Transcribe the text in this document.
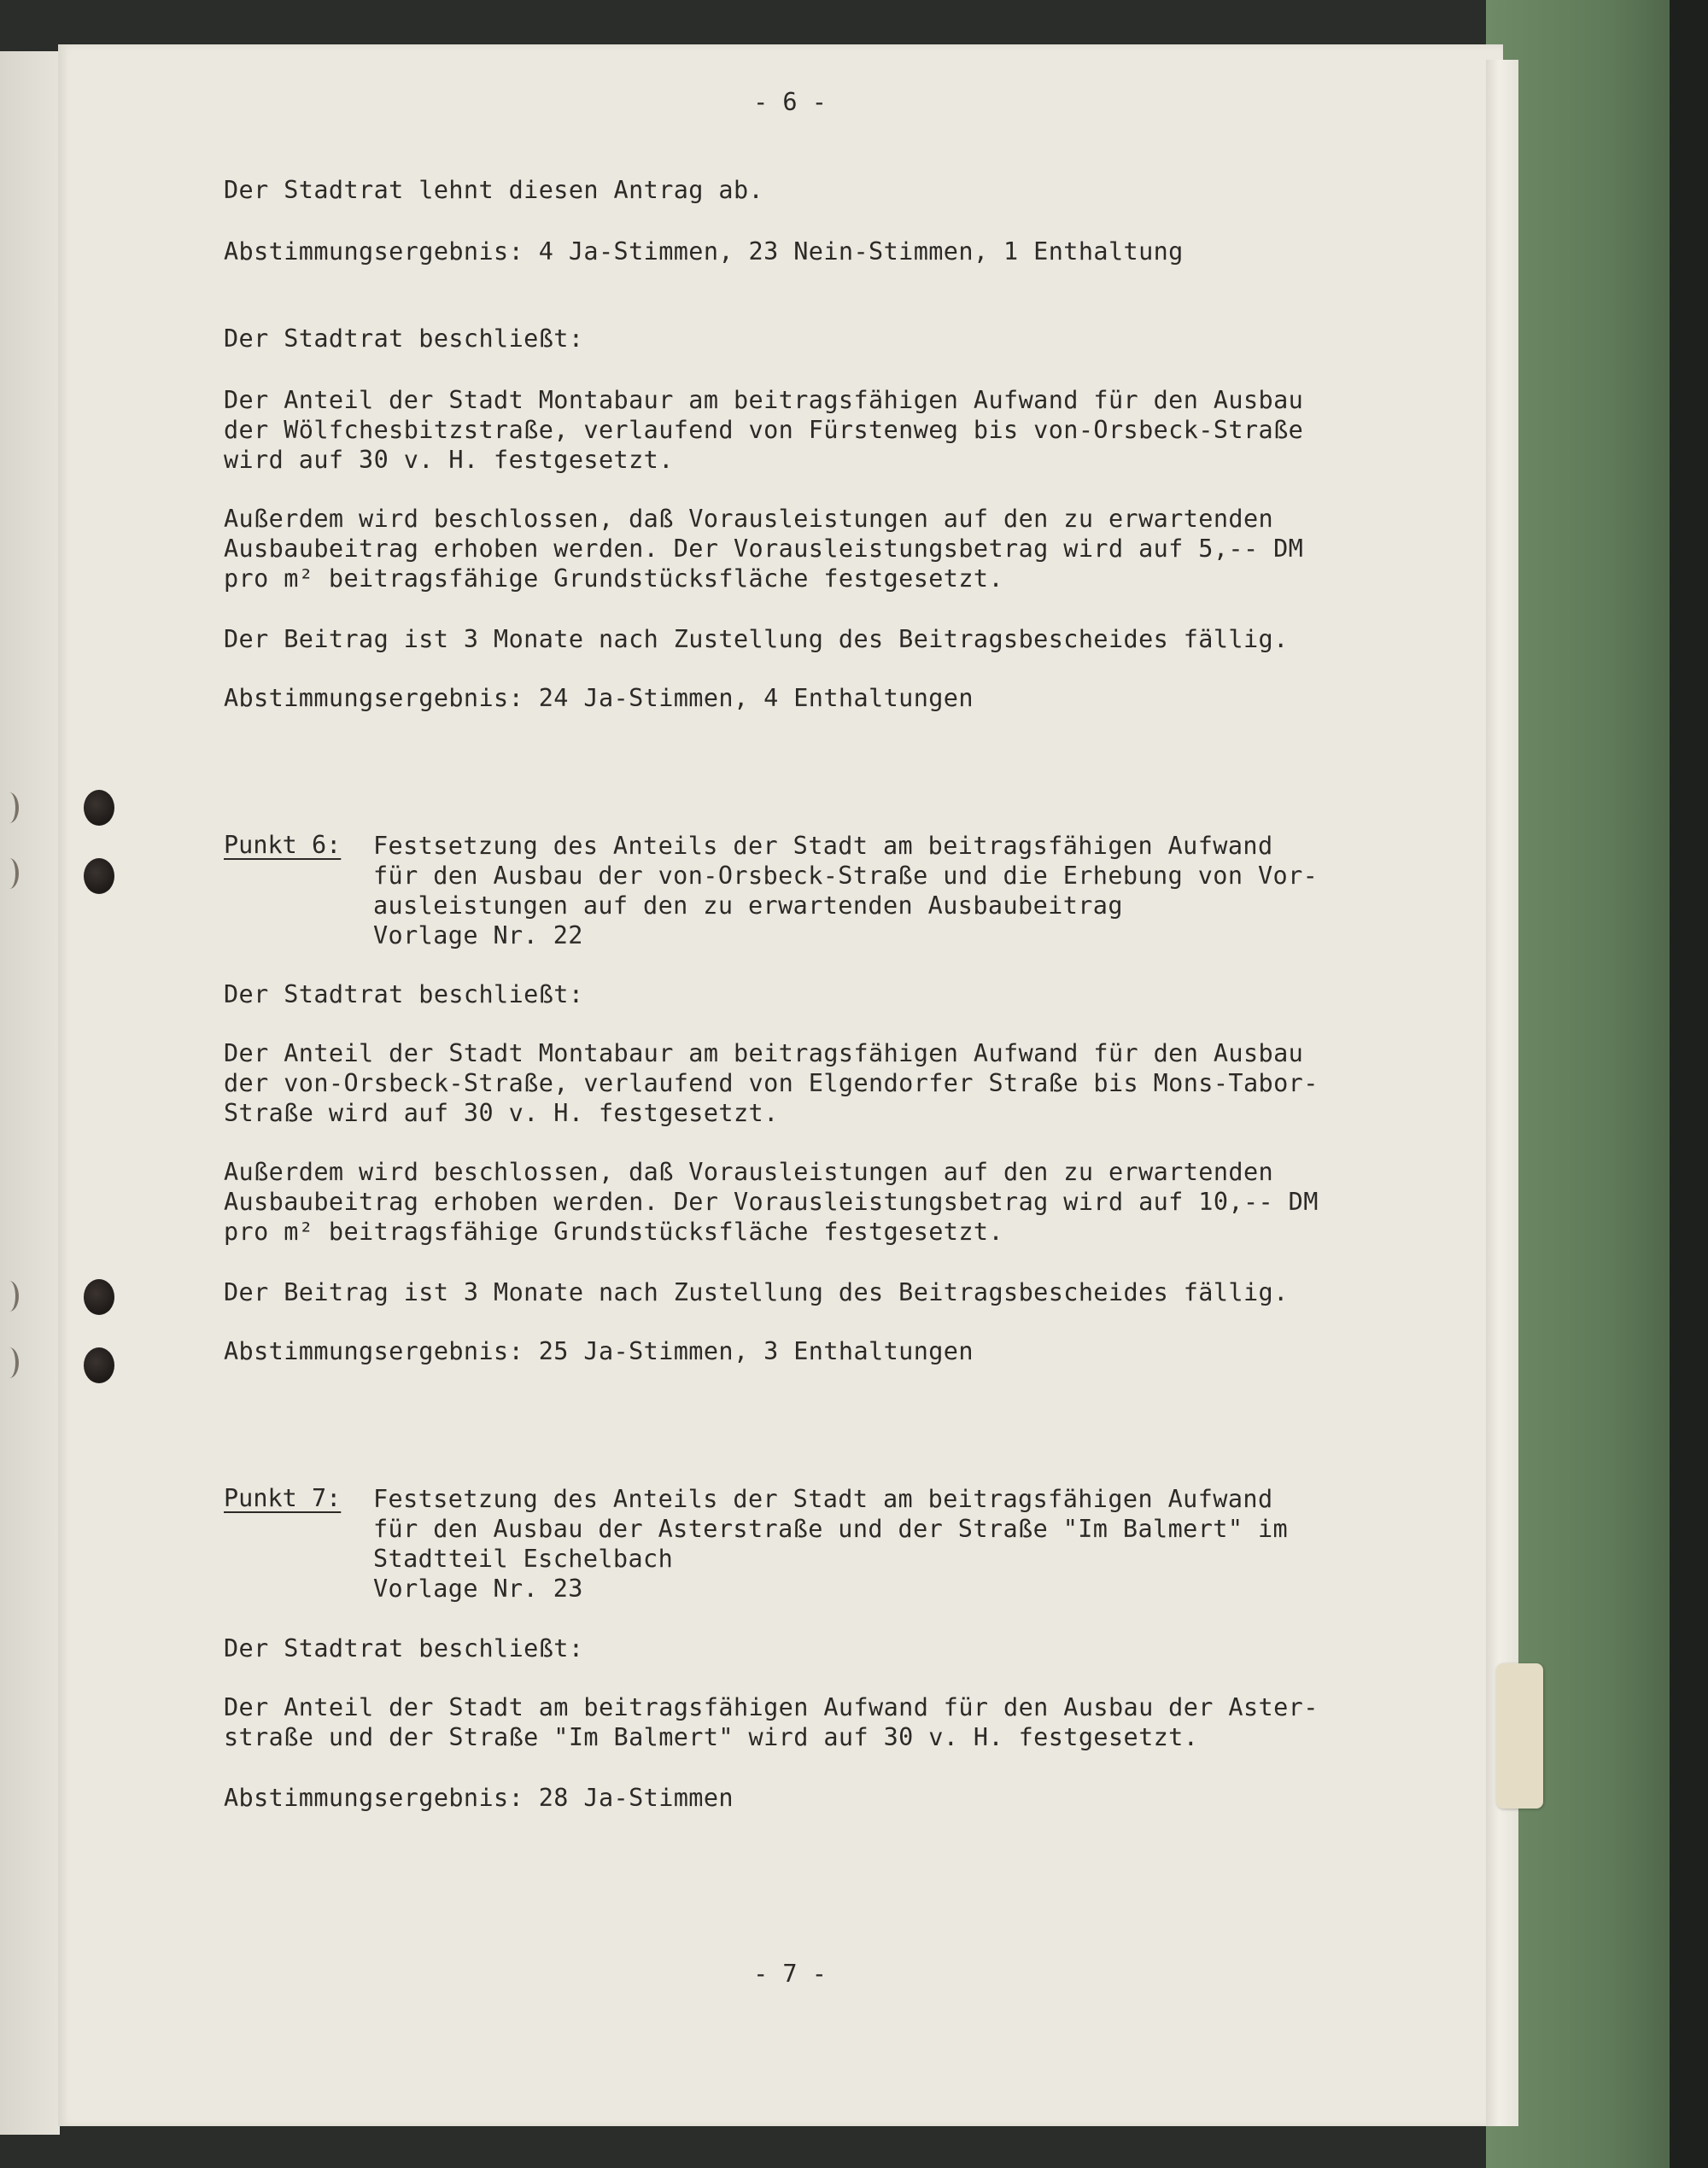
- 6 -
Der Stadtrat lehnt diesen Antrag ab.
Abstimmungsergebnis: 4 Ja-Stimmen, 23 Nein-Stimmen, 1 Enthaltung
Der Stadtrat beschließt:
Der Anteil der Stadt Montabaur am beitragsfähigen Aufwand für den Ausbau
der Wölfchesbitzstraße, verlaufend von Fürstenweg bis von-Orsbeck-Straße
wird auf 30 v. H. festgesetzt.
Außerdem wird beschlossen, daß Vorausleistungen auf den zu erwartenden
Ausbaubeitrag erhoben werden. Der Vorausleistungsbetrag wird auf 5,-- DM
pro m² beitragsfähige Grundstücksfläche festgesetzt.
Der Beitrag ist 3 Monate nach Zustellung des Beitragsbescheides fällig.
Abstimmungsergebnis: 24 Ja-Stimmen, 4 Enthaltungen
Punkt 6: Festsetzung des Anteils der Stadt am beitragsfähigen Aufwand
für den Ausbau der von-Orsbeck-Straße und die Erhebung von Vor-
ausleistungen auf den zu erwartenden Ausbaubeitrag
Vorlage Nr. 22
Der Stadtrat beschließt:
Der Anteil der Stadt Montabaur am beitragsfähigen Aufwand für den Ausbau
der von-Orsbeck-Straße, verlaufend von Elgendorfer Straße bis Mons-Tabor-
Straße wird auf 30 v. H. festgesetzt.
Außerdem wird beschlossen, daß Vorausleistungen auf den zu erwartenden
Ausbaubeitrag erhoben werden. Der Vorausleistungsbetrag wird auf 10,-- DM
pro m² beitragsfähige Grundstücksfläche festgesetzt.
Der Beitrag ist 3 Monate nach Zustellung des Beitragsbescheides fällig.
Abstimmungsergebnis: 25 Ja-Stimmen, 3 Enthaltungen
Punkt 7: Festsetzung des Anteils der Stadt am beitragsfähigen Aufwand
für den Ausbau der Asterstraße und der Straße "Im Balmert" im
Stadtteil Eschelbach
Vorlage Nr. 23
Der Stadtrat beschließt:
Der Anteil der Stadt am beitragsfähigen Aufwand für den Ausbau der Aster-
straße und der Straße "Im Balmert" wird auf 30 v. H. festgesetzt.
Abstimmungsergebnis: 28 Ja-Stimmen
- 7 -
